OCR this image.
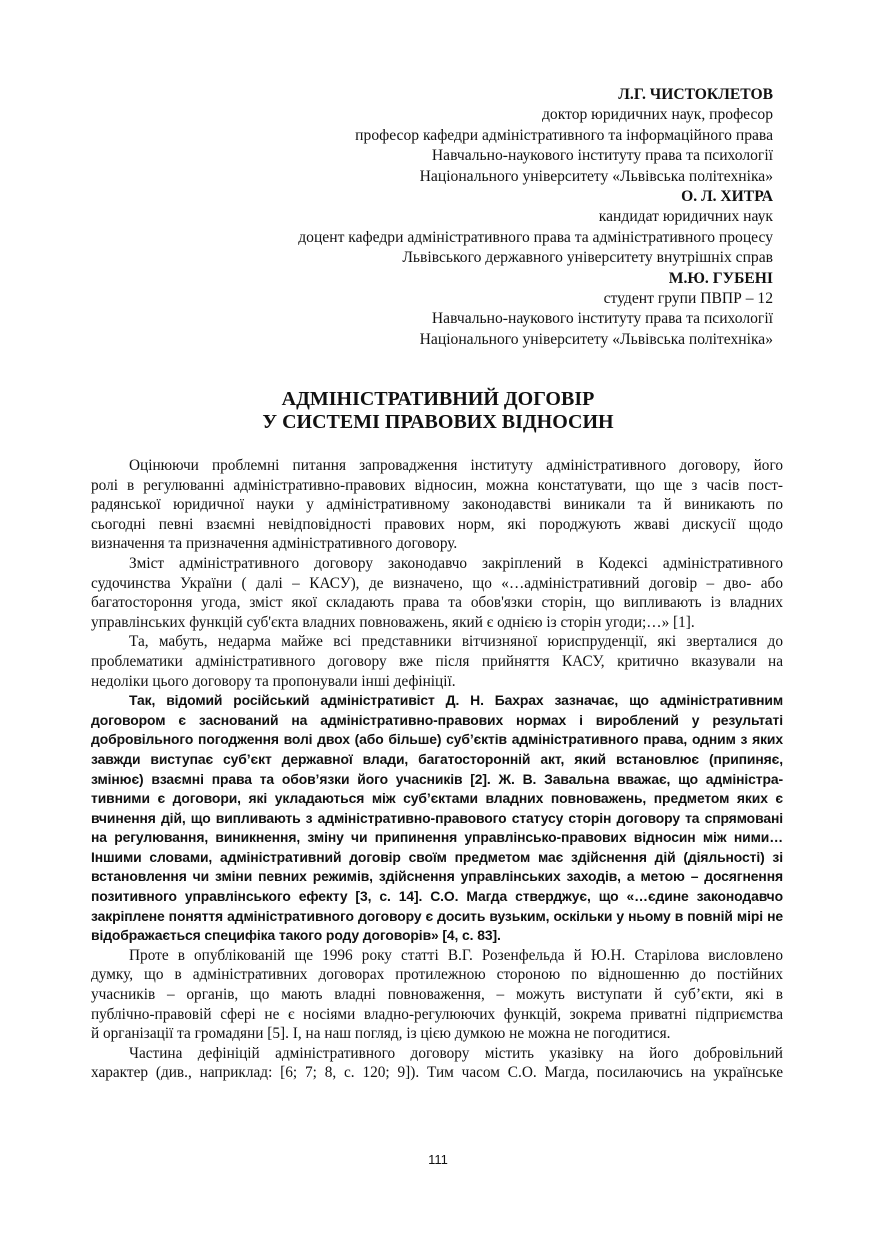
Л.Г. ЧИСТОКЛЕТОВ
доктор юридичних наук, професор
професор кафедри адміністративного та інформаційного права
Навчально-наукового інституту права та психології
Національного університету «Львівська політехніка»
О. Л. ХИТРА
кандидат юридичних наук
доцент кафедри адміністративного права та адміністративного процесу
Львівського державного університету внутрішніх справ
М.Ю. ГУБЕНІ
студент групи ПВПР – 12
Навчально-наукового інституту права та психології
Національного університету «Львівська політехніка»
АДМІНІСТРАТИВНИЙ ДОГОВІР
У СИСТЕМІ ПРАВОВИХ ВІДНОСИН
Оцінюючи проблемні питання запровадження інституту адміністративного договору, його
ролі в регулюванні адміністративно-правових відносин, можна констатувати, що ще з часів пост-
радянської юридичної науки у адміністративному законодавстві виникали та й виникають по
сьогодні певні взаємні невідповідності правових норм, які породжують жваві дискусії щодо
визначення та призначення адміністративного договору.
Зміст адміністративного договору законодавчо закріплений в Кодексі адміністративного
судочинства України ( далі – КАСУ), де визначено, що «…адміністративний договір – дво- або
багатостороння угода, зміст якої складають права та обов'язки сторін, що випливають із владних
управлінських функцій суб'єкта владних повноважень, який є однією із сторін угоди;…» [1].
Та, мабуть, недарма майже всі представники вітчизняної юриспруденції, які зверталися до
проблематики адміністративного договору вже після прийняття КАСУ, критично вказували на
недоліки цього договору та пропонували інші дефініції.
Так, відомий російський адміністративіст Д. Н. Бахрах зазначає, що адміністративним
договором є заснований на адміністративно-правових нормах і вироблений у результаті
добровільного погодження волі двох (або більше) суб’єктів адміністративного права, одним з яких
завжди виступає суб’єкт державної влади, багатосторонній акт, який встановлює (припиняє,
змінює) взаємні права та обов’язки його учасників [2]. Ж. В. Завальна вважає, що адміністра-
тивними є договори, які укладаються між суб’єктами владних повноважень, предметом яких є
вчинення дій, що випливають з адміністративно-правового статусу сторін договору та спрямовані
на регулювання, виникнення, зміну чи припинення управлінсько-правових відносин між ними…
Іншими словами, адміністративний договір своїм предметом має здійснення дій (діяльності) зі
встановлення чи зміни певних режимів, здійснення управлінських заходів, а метою – досягнення
позитивного управлінського ефекту [3, с. 14]. С.О. Магда стверджує, що «…єдине законодавчо
закріплене поняття адміністративного договору є досить вузьким, оскільки у ньому в повній мірі не
відображається специфіка такого роду договорів» [4, с. 83].
Проте в опублікованій ще 1996 року статті В.Г. Розенфельда й Ю.Н. Старілова висловлено
думку, що в адміністративних договорах протилежною стороною по відношенню до постійних
учасників – органів, що мають владні повноваження, – можуть виступати й суб’єкти, які в
публічно-правовій сфері не є носіями владно-регулюючих функцій, зокрема приватні підприємства
й організації та громадяни [5]. І, на наш погляд, із цією думкою не можна не погодитися.
Частина дефініцій адміністративного договору містить указівку на його добровільний
характер (див., наприклад: [6; 7; 8, с. 120; 9]). Тим часом С.О. Магда, посилаючись на українське
111
